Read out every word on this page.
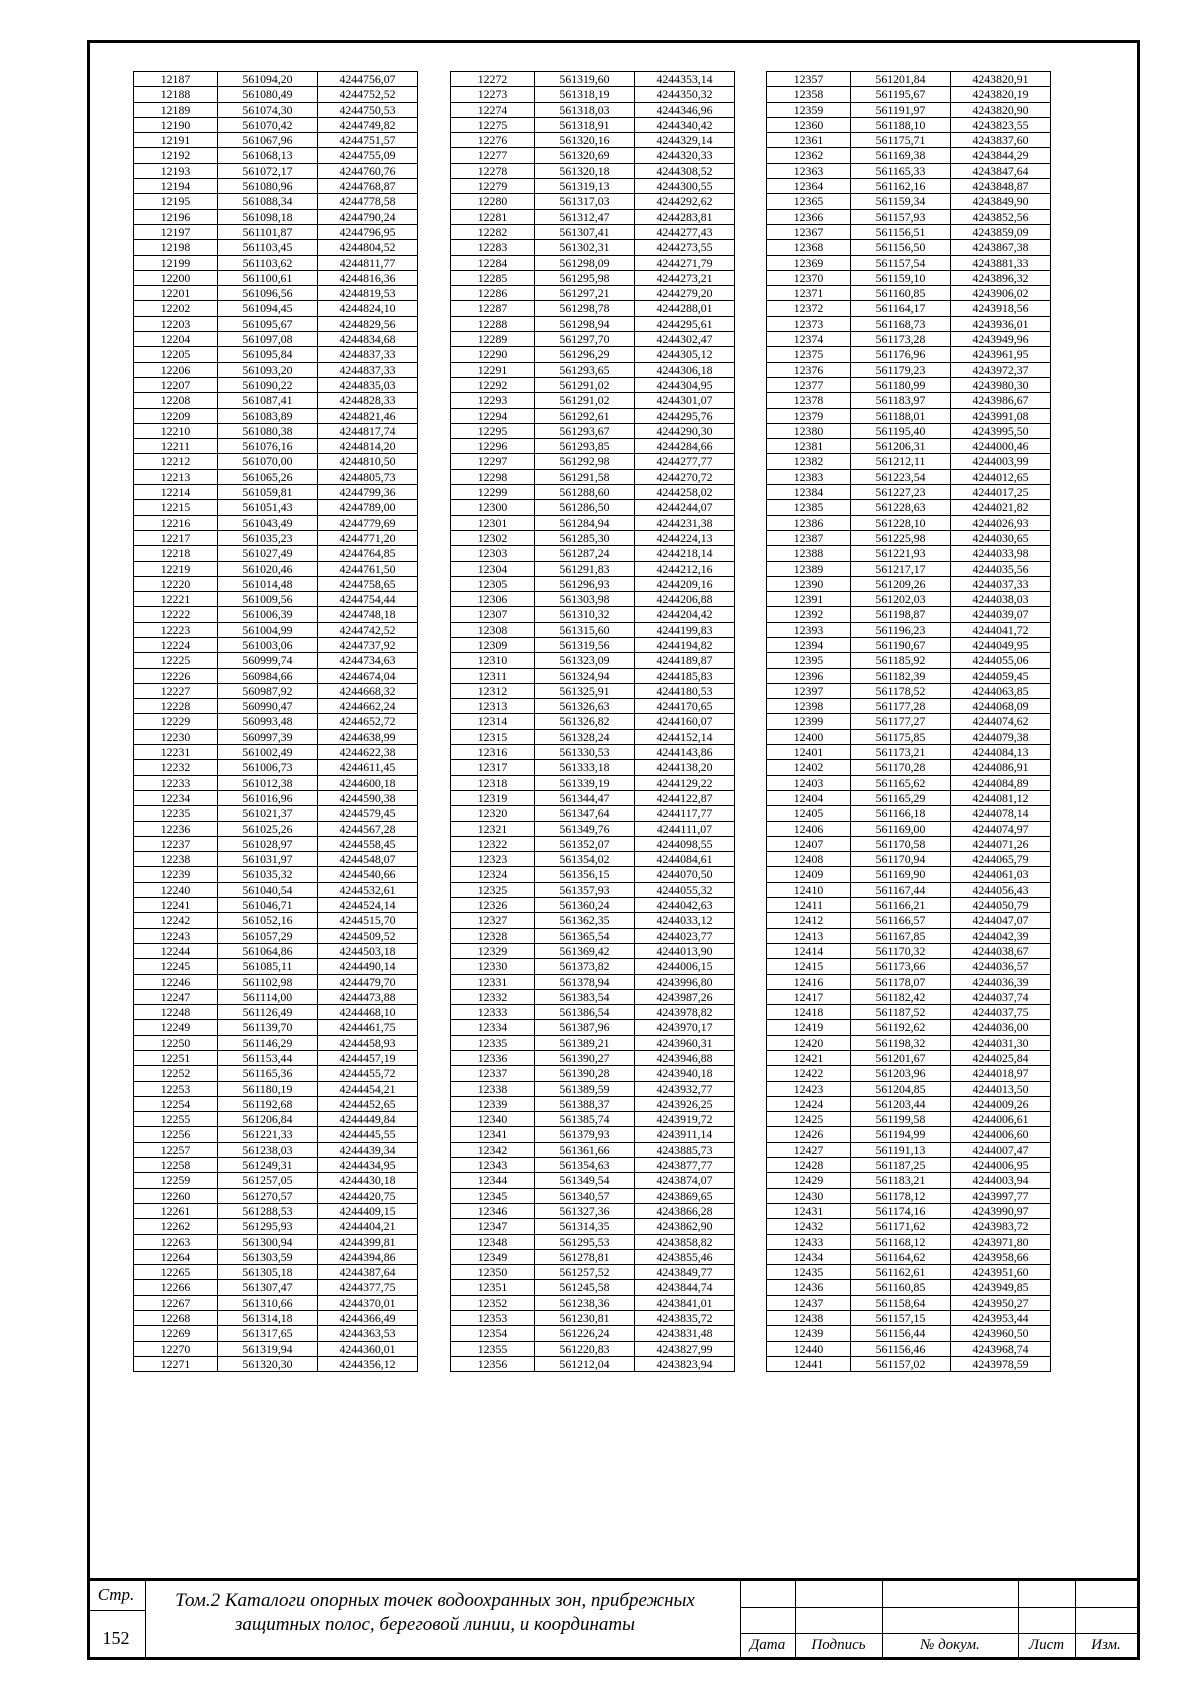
12187	561094,20	4244756,07
12188	561080,49	4244752,52
12189	561074,30	4244750,53
12190	561070,42	4244749,82
12191	561067,96	4244751,57
12192	561068,13	4244755,09
12193	561072,17	4244760,76
12194	561080,96	4244768,87
12195	561088,34	4244778,58
12196	561098,18	4244790,24
12197	561101,87	4244796,95
12198	561103,45	4244804,52
12199	561103,62	4244811,77
12200	561100,61	4244816,36
12201	561096,56	4244819,53
12202	561094,45	4244824,10
12203	561095,67	4244829,56
12204	561097,08	4244834,68
12205	561095,84	4244837,33
12206	561093,20	4244837,33
12207	561090,22	4244835,03
12208	561087,41	4244828,33
12209	561083,89	4244821,46
12210	561080,38	4244817,74
12211	561076,16	4244814,20
12212	561070,00	4244810,50
12213	561065,26	4244805,73
12214	561059,81	4244799,36
12215	561051,43	4244789,00
12216	561043,49	4244779,69
12217	561035,23	4244771,20
12218	561027,49	4244764,85
12219	561020,46	4244761,50
12220	561014,48	4244758,65
12221	561009,56	4244754,44
12222	561006,39	4244748,18
12223	561004,99	4244742,52
12224	561003,06	4244737,92
12225	560999,74	4244734,63
12226	560984,66	4244674,04
12227	560987,92	4244668,32
12228	560990,47	4244662,24
12229	560993,48	4244652,72
12230	560997,39	4244638,99
12231	561002,49	4244622,38
12232	561006,73	4244611,45
12233	561012,38	4244600,18
12234	561016,96	4244590,38
12235	561021,37	4244579,45
12236	561025,26	4244567,28
12237	561028,97	4244558,45
12238	561031,97	4244548,07
12239	561035,32	4244540,66
12240	561040,54	4244532,61
12241	561046,71	4244524,14
12242	561052,16	4244515,70
12243	561057,29	4244509,52
12244	561064,86	4244503,18
12245	561085,11	4244490,14
12246	561102,98	4244479,70
12247	561114,00	4244473,88
12248	561126,49	4244468,10
12249	561139,70	4244461,75
12250	561146,29	4244458,93
12251	561153,44	4244457,19
12252	561165,36	4244455,72
12253	561180,19	4244454,21
12254	561192,68	4244452,65
12255	561206,84	4244449,84
12256	561221,33	4244445,55
12257	561238,03	4244439,34
12258	561249,31	4244434,95
12259	561257,05	4244430,18
12260	561270,57	4244420,75
12261	561288,53	4244409,15
12262	561295,93	4244404,21
12263	561300,94	4244399,81
12264	561303,59	4244394,86
12265	561305,18	4244387,64
12266	561307,47	4244377,75
12267	561310,66	4244370,01
12268	561314,18	4244366,49
12269	561317,65	4244363,53
12270	561319,94	4244360,01
12271	561320,30	4244356,12
12272	561319,60	4244353,14
12273	561318,19	4244350,32
12274	561318,03	4244346,96
12275	561318,91	4244340,42
12276	561320,16	4244329,14
12277	561320,69	4244320,33
12278	561320,18	4244308,52
12279	561319,13	4244300,55
12280	561317,03	4244292,62
12281	561312,47	4244283,81
12282	561307,41	4244277,43
12283	561302,31	4244273,55
12284	561298,09	4244271,79
12285	561295,98	4244273,21
12286	561297,21	4244279,20
12287	561298,78	4244288,01
12288	561298,94	4244295,61
12289	561297,70	4244302,47
12290	561296,29	4244305,12
12291	561293,65	4244306,18
12292	561291,02	4244304,95
12293	561291,02	4244301,07
12294	561292,61	4244295,76
12295	561293,67	4244290,30
12296	561293,85	4244284,66
12297	561292,98	4244277,77
12298	561291,58	4244270,72
12299	561288,60	4244258,02
12300	561286,50	4244244,07
12301	561284,94	4244231,38
12302	561285,30	4244224,13
12303	561287,24	4244218,14
12304	561291,83	4244212,16
12305	561296,93	4244209,16
12306	561303,98	4244206,88
12307	561310,32	4244204,42
12308	561315,60	4244199,83
12309	561319,56	4244194,82
12310	561323,09	4244189,87
12311	561324,94	4244185,83
12312	561325,91	4244180,53
12313	561326,63	4244170,65
12314	561326,82	4244160,07
12315	561328,24	4244152,14
12316	561330,53	4244143,86
12317	561333,18	4244138,20
12318	561339,19	4244129,22
12319	561344,47	4244122,87
12320	561347,64	4244117,77
12321	561349,76	4244111,07
12322	561352,07	4244098,55
12323	561354,02	4244084,61
12324	561356,15	4244070,50
12325	561357,93	4244055,32
12326	561360,24	4244042,63
12327	561362,35	4244033,12
12328	561365,54	4244023,77
12329	561369,42	4244013,90
12330	561373,82	4244006,15
12331	561378,94	4243996,80
12332	561383,54	4243987,26
12333	561386,54	4243978,82
12334	561387,96	4243970,17
12335	561389,21	4243960,31
12336	561390,27	4243946,88
12337	561390,28	4243940,18
12338	561389,59	4243932,77
12339	561388,37	4243926,25
12340	561385,74	4243919,72
12341	561379,93	4243911,14
12342	561361,66	4243885,73
12343	561354,63	4243877,77
12344	561349,54	4243874,07
12345	561340,57	4243869,65
12346	561327,36	4243866,28
12347	561314,35	4243862,90
12348	561295,53	4243858,82
12349	561278,81	4243855,46
12350	561257,52	4243849,77
12351	561245,58	4243844,74
12352	561238,36	4243841,01
12353	561230,81	4243835,72
12354	561226,24	4243831,48
12355	561220,83	4243827,99
12356	561212,04	4243823,94
12357	561201,84	4243820,91
12358	561195,67	4243820,19
12359	561191,97	4243820,90
12360	561188,10	4243823,55
12361	561175,71	4243837,60
12362	561169,38	4243844,29
12363	561165,33	4243847,64
12364	561162,16	4243848,87
12365	561159,34	4243849,90
12366	561157,93	4243852,56
12367	561156,51	4243859,09
12368	561156,50	4243867,38
12369	561157,54	4243881,33
12370	561159,10	4243896,32
12371	561160,85	4243906,02
12372	561164,17	4243918,56
12373	561168,73	4243936,01
12374	561173,28	4243949,96
12375	561176,96	4243961,95
12376	561179,23	4243972,37
12377	561180,99	4243980,30
12378	561183,97	4243986,67
12379	561188,01	4243991,08
12380	561195,40	4243995,50
12381	561206,31	4244000,46
12382	561212,11	4244003,99
12383	561223,54	4244012,65
12384	561227,23	4244017,25
12385	561228,63	4244021,82
12386	561228,10	4244026,93
12387	561225,98	4244030,65
12388	561221,93	4244033,98
12389	561217,17	4244035,56
12390	561209,26	4244037,33
12391	561202,03	4244038,03
12392	561198,87	4244039,07
12393	561196,23	4244041,72
12394	561190,67	4244049,95
12395	561185,92	4244055,06
12396	561182,39	4244059,45
12397	561178,52	4244063,85
12398	561177,28	4244068,09
12399	561177,27	4244074,62
12400	561175,85	4244079,38
12401	561173,21	4244084,13
12402	561170,28	4244086,91
12403	561165,62	4244084,89
12404	561165,29	4244081,12
12405	561166,18	4244078,14
12406	561169,00	4244074,97
12407	561170,58	4244071,26
12408	561170,94	4244065,79
12409	561169,90	4244061,03
12410	561167,44	4244056,43
12411	561166,21	4244050,79
12412	561166,57	4244047,07
12413	561167,85	4244042,39
12414	561170,32	4244038,67
12415	561173,66	4244036,57
12416	561178,07	4244036,39
12417	561182,42	4244037,74
12418	561187,52	4244037,75
12419	561192,62	4244036,00
12420	561198,32	4244031,30
12421	561201,67	4244025,84
12422	561203,96	4244018,97
12423	561204,85	4244013,50
12424	561203,44	4244009,26
12425	561199,58	4244006,61
12426	561194,99	4244006,60
12427	561191,13	4244007,47
12428	561187,25	4244006,95
12429	561183,21	4244003,94
12430	561178,12	4243997,77
12431	561174,16	4243990,97
12432	561171,62	4243983,72
12433	561168,12	4243971,80
12434	561164,62	4243958,66
12435	561162,61	4243951,60
12436	561160,85	4243949,85
12437	561158,64	4243950,27
12438	561157,15	4243953,44
12439	561156,44	4243960,50
12440	561156,46	4243968,74
12441	561157,02	4243978,59
Стр.
152
Том.2 Каталоги опорных точек водоохранных зон, прибрежных
защитных полос, береговой линии, и координаты
Дата	Подпись	№ докум.	Лист	Изм.
